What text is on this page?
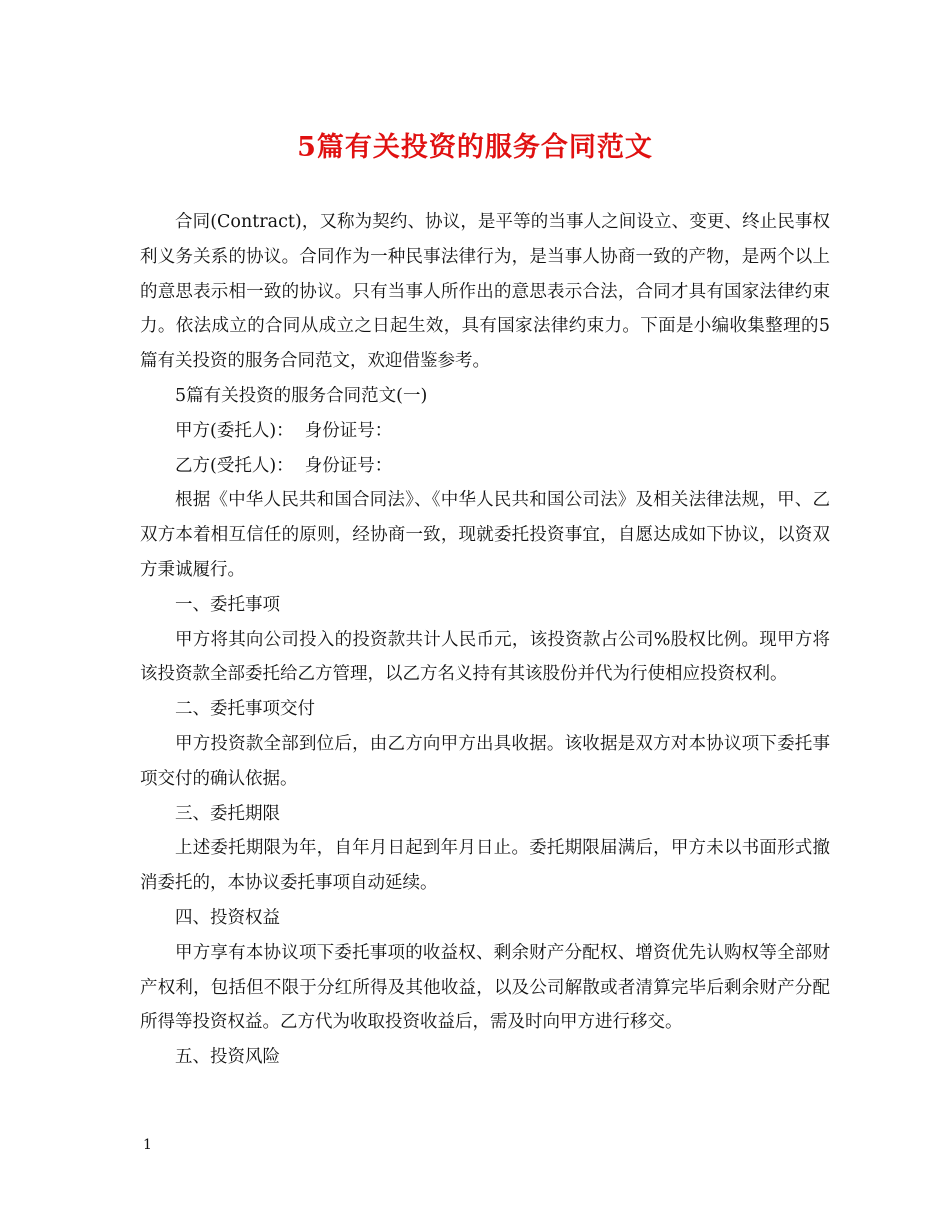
5篇有关投资的服务合同范文

合同(Contract)，又称为契约、协议，是平等的当事人之间设立、变更、终止民事权利义务关系的协议。合同作为一种民事法律行为，是当事人协商一致的产物，是两个以上的意思表示相一致的协议。只有当事人所作出的意思表示合法，合同才具有国家法律约束力。依法成立的合同从成立之日起生效，具有国家法律约束力。下面是小编收集整理的5篇有关投资的服务合同范文，欢迎借鉴参考。

5篇有关投资的服务合同范文(一)

甲方(委托人)：  身份证号：

乙方(受托人)：  身份证号：

根据《中华人民共和国合同法》、《中华人民共和国公司法》及相关法律法规，甲、乙双方本着相互信任的原则，经协商一致，现就委托投资事宜，自愿达成如下协议，以资双方秉诚履行。

一、委托事项

甲方将其向公司投入的投资款共计人民币元，该投资款占公司%股权比例。现甲方将该投资款全部委托给乙方管理，以乙方名义持有其该股份并代为行使相应投资权利。

二、委托事项交付

甲方投资款全部到位后，由乙方向甲方出具收据。该收据是双方对本协议项下委托事项交付的确认依据。

三、委托期限

上述委托期限为年，自年月日起到年月日止。委托期限届满后，甲方未以书面形式撤消委托的，本协议委托事项自动延续。

四、投资权益

甲方享有本协议项下委托事项的收益权、剩余财产分配权、增资优先认购权等全部财产权利，包括但不限于分红所得及其他收益，以及公司解散或者清算完毕后剩余财产分配所得等投资权益。乙方代为收取投资收益后，需及时向甲方进行移交。

五、投资风险

1
